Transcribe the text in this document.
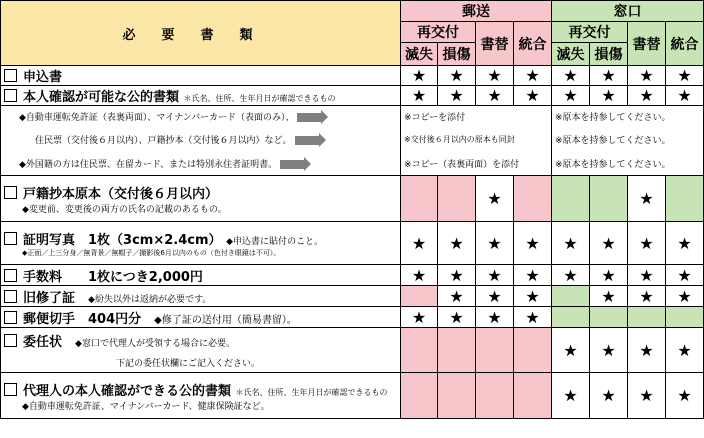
必要書類	郵送				窓口			
	再交付		書替	統合	再交付		書替	統合
	滅失	損傷			滅失	損傷		
申込書	★	★	★	★	★	★	★	★
本人確認が可能な公的書類 ＊氏名、住所、生年月日が確認できるもの	★	★	★	★	★	★	★	★
◆自動車運転免許証（表裏両面）、マイナンバーカード（表面のみ）、	※コピーを添付				※原本を持参してください。			
住民票（交付後６月以内）、戸籍抄本（交付後６月以内）など。	※交付後６月以内の原本も同封				※原本を持参してください。			
◆外国籍の方は住民票、在留カード、または特別永住者証明書。	※コピー（表裏両面）を添付				※原本を持参してください。			
戸籍抄本原本（交付後６月以内）
◆変更前、変更後の両方の氏名の記載のあるもの。			★				★	
証明写真　1枚（3cm×2.4cm） ◆申込書に貼付のこと。
◆正面／上三分身／無背景／無帽子／撮影後6月以内のもの（色付き眼鏡は不可）。	★	★	★	★	★	★	★	★
手数料　　1枚につき2,000円	★	★	★	★	★	★	★	★
旧修了証　 ◆紛失以外は返納が必要です。		★	★	★		★	★	★
郵便切手　404円分　 ◆修了証の送付用（簡易書留）。	★	★	★	★				
委任状　 ◆窓口で代理人が受領する場合に必要。
下記の委任状欄にご記入ください。					★	★	★	★
代理人の本人確認ができる公的書類 ＊氏名、住所、生年月日が確認できるもの
◆自動車運転免許証、マイナンバーカード、健康保険証など。					★	★	★	★
